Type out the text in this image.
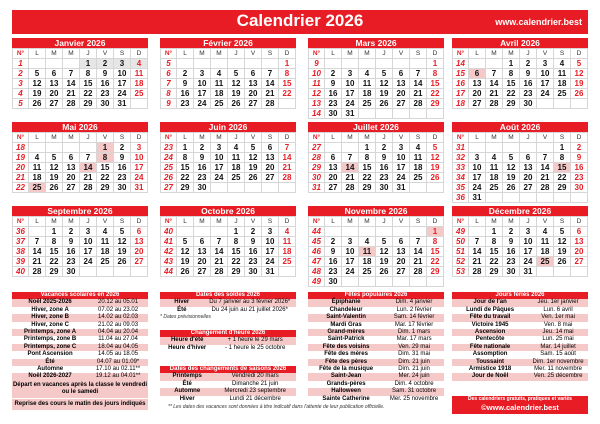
Calendrier 2026	www.calendrier.best
Janvier 2026
N°	L	M	M	J	V	S	D
1				1	2	3	4
2	5	6	7	8	9	10	11
3	12	13	14	15	16	17	18
4	19	20	21	22	23	24	25
5	26	27	28	29	30	31	
Février 2026
N°	L	M	M	J	V	S	D
5							1
6	2	3	4	5	6	7	8
7	9	10	11	12	13	14	15
8	16	17	18	19	20	21	22
9	23	24	25	26	27	28	
Mars 2026
N°	L	M	M	J	V	S	D
9							1
10	2	3	4	5	6	7	8
11	9	10	11	12	13	14	15
12	16	17	18	19	20	21	22
13	23	24	25	26	27	28	29
14	30	31					
Avril 2026
N°	L	M	M	J	V	S	D
14			1	2	3	4	5
15	6	7	8	9	10	11	12
16	13	14	15	16	17	18	19
17	20	21	22	23	24	25	26
18	27	28	29	30			
Mai 2026
N°	L	M	M	J	V	S	D
18					1	2	3
19	4	5	6	7	8	9	10
20	11	12	13	14	15	16	17
21	18	19	20	21	22	23	24
22	25	26	27	28	29	30	31
Juin 2026
N°	L	M	M	J	V	S	D
23	1	2	3	4	5	6	7
24	8	9	10	11	12	13	14
25	15	16	17	18	19	20	21
26	22	23	24	25	26	27	28
27	29	30					
Juillet 2026
N°	L	M	M	J	V	S	D
27			1	2	3	4	5
28	6	7	8	9	10	11	12
29	13	14	15	16	17	18	19
30	20	21	22	23	24	25	26
31	27	28	29	30	31		
Août 2026
N°	L	M	M	J	V	S	D
31						1	2
32	3	4	5	6	7	8	9
33	10	11	12	13	14	15	16
34	17	18	19	20	21	22	23
35	24	25	26	27	28	29	30
36	31						
Septembre 2026
N°	L	M	M	J	V	S	D
36		1	2	3	4	5	6
37	7	8	9	10	11	12	13
38	14	15	16	17	18	19	20
39	21	22	23	24	25	26	27
40	28	29	30				
Octobre 2026
N°	L	M	M	J	V	S	D
40				1	2	3	4
41	5	6	7	8	9	10	11
42	12	13	14	15	16	17	18
43	19	20	21	22	23	24	25
44	26	27	28	29	30	31	
Novembre 2026
N°	L	M	M	J	V	S	D
44							1
45	2	3	4	5	6	7	8
46	9	10	11	12	13	14	15
47	16	17	18	19	20	21	22
48	23	24	25	26	27	28	29
49	30						
Décembre 2026
N°	L	M	M	J	V	S	D
49		1	2	3	4	5	6
50	7	8	9	10	11	12	13
51	14	15	16	17	18	19	20
52	21	22	23	24	25	26	27
53	28	29	30	31			
Vacances scolaires en 2026
Noël 2025-2026	20.12 au 05.01
Hiver, zone A	07.02 au 23.02
Hiver, zone B	14.02 au 02.03
Hiver, zone C	21.02 au 09.03
Printemps, zone A	04.04 au 20.04
Printemps, zone B	11.04 au 27.04
Printemps, zone C	18.04 au 04.05
Pont Ascension	14.05 au 18.05
Été	04.07 au 01.09*
Automne	17.10 au 02.11**
Noël 2026-2027	19.12 au 04.01**
Départ en vacances après la classe le vendredi ou le samedi
Reprise des cours le matin des jours indiqués
Dates des soldes 2026
Hiver	Du 7 janvier au 3 février 2026*
Été	Du 24 juin au 21 juillet 2026*
* Dates prévisionnelles
Changement d'heure 2026
Heure d'été	+ 1 heure le 29 mars
Heure d'hiver	- 1 heure le 25 octobre
Dates des changements de saisons 2026
Printemps	Vendredi 20 mars
Été	Dimanche 21 juin
Automne	Mercredi 23 septembre
Hiver	Lundi 21 décembre
Fêtes populaires 2026
Épiphanie	Dim. 4 janvier
Chandeleur	Lun. 2 février
Saint-Valentin	Sam. 14 février
Mardi Gras	Mar. 17 février
Grand-mères	Dim. 1 mars
Saint-Patrick	Mar. 17 mars
Fête des voisins	Ven. 29 mai
Fête des mères	Dim. 31 mai
Fête des pères	Dim. 21 juin
Fête de la musique	Dim. 21 juin
Saint-Jean	Mer. 24 juin
Grands-pères	Dim. 4 octobre
Halloween	Sam. 31 octobre
Sainte Catherine	Mer. 25 novembre
Jours fériés 2026
Jour de l'an	Jeu. 1er janvier
Lundi de Pâques	Lun. 6 avril
Fête du travail	Ven. 1er mai
Victoire 1945	Ven. 8 mai
Ascension	Jeu. 14 mai
Pentecôte	Lun. 25 mai
Fête nationale	Mar. 14 juillet
Assomption	Sam. 15 août
Toussaint	Dim. 1er novembre
Armistice 1918	Mer. 11 novembre
Jour de Noël	Ven. 25 décembre
** Les dates des vacances sont données à titre indicatif dans l'attente de leur publication officielle.
Des calendriers gratuits, pratiques et variés
©www.calendrier.best
